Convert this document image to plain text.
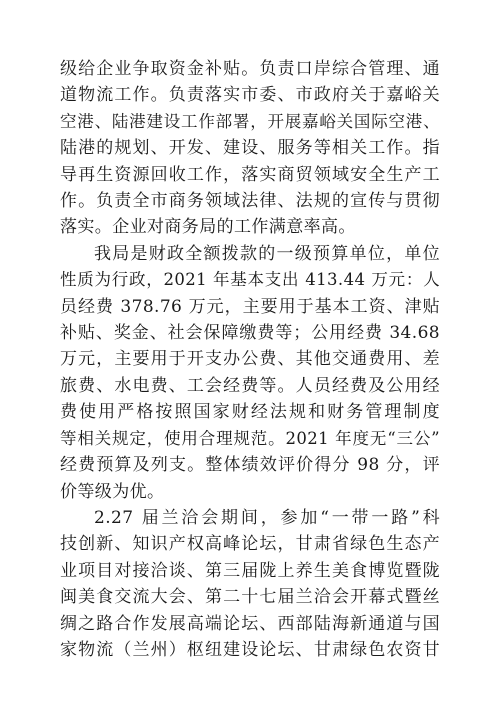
级给企业争取资金补贴。负责口岸综合管理、通
道物流工作。负责落实市委、市政府关于嘉峪关
空港、陆港建设工作部署，开展嘉峪关国际空港、
陆港的规划、开发、建设、服务等相关工作。指
导再生资源回收工作，落实商贸领域安全生产工
作。负责全市商务领域法律、法规的宣传与贯彻
落实。企业对商务局的工作满意率高。

我局是财政全额拨款的一级预算单位，单位
性质为行政，2021 年基本支出 413.44 万元：人
员经费 378.76 万元，主要用于基本工资、津贴
补贴、奖金、社会保障缴费等；公用经费 34.68
万元，主要用于开支办公费、其他交通费用、差
旅费、水电费、工会经费等。人员经费及公用经
费使用严格按照国家财经法规和财务管理制度
等相关规定，使用合理规范。2021 年度无“三公”
经费预算及列支。整体绩效评价得分 98 分，评
价等级为优。

2.27 届兰洽会期间，参加“一带一路”科
技创新、知识产权高峰论坛，甘肃省绿色生态产
业项目对接洽谈、第三届陇上养生美食博览暨陇
闽美食交流大会、第二十七届兰洽会开幕式暨丝
绸之路合作发展高端论坛、西部陆海新通道与国
家物流（兰州）枢纽建设论坛、甘肃绿色农资甘
